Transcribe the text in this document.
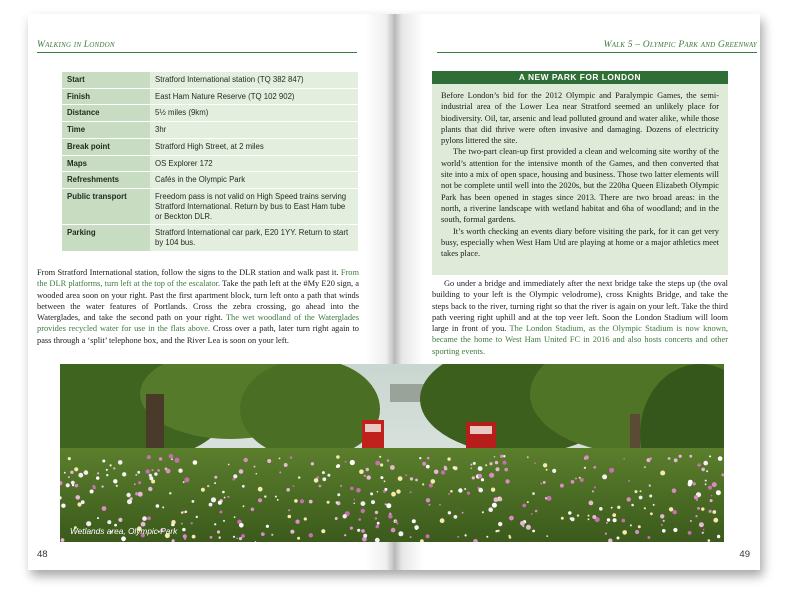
Walking in London	Walk 5 – Olympic Park and Greenway
Start	Stratford International station (TQ 382 847)
Finish	East Ham Nature Reserve (TQ 102 902)
Distance	5½ miles (9km)
Time	3hr
Break point	Stratford High Street, at 2 miles
Maps	OS Explorer 172
Refreshments	Cafés in the Olympic Park
Public transport	Freedom pass is not valid on High Speed trains serving Stratford International. Return by bus to East Ham tube or Beckton DLR.
Parking	Stratford International car park, E20 1YY. Return to start by 104 bus.
From Stratford International station, follow the signs to the DLR station and walk past it. From the DLR platforms, turn left at the top of the escalator. Take the path left at the #My E20 sign, a wooded area soon on your right. Past the first apartment block, turn left onto a path that winds between the water features of Portlands. Cross the zebra crossing, go ahead into the Waterglades, and take the second path on your right. The wet woodland of the Waterglades provides recycled water for use in the flats above. Cross over a path, later turn right again to pass through a ‘split’ telephone box, and the River Lea is soon on your left.
A NEW PARK FOR LONDON

Before London’s bid for the 2012 Olympic and Paralympic Games, the semi-industrial area of the Lower Lea near Stratford seemed an unlikely place for biodiversity. Oil, tar, arsenic and lead polluted ground and water alike, while those plants that did thrive were often invasive and damaging. Dozens of electricity pylons littered the site.

The two-part clean-up first provided a clean and welcoming site worthy of the world’s attention for the intensive month of the Games, and then converted that site into a mix of open space, housing and business. Those two latter elements will not be complete until well into the 2020s, but the 220ha Queen Elizabeth Olympic Park has been opened in stages since 2013. There are two broad areas: in the north, a riverine landscape with wetland habitat and 6ha of woodland; and in the south, formal gardens.

It’s worth checking an events diary before visiting the park, for it can get very busy, especially when West Ham Utd are playing at home or a major athletics meet takes place.

Go under a bridge and immediately after the next bridge take the steps up (the oval building to your left is the Olympic velodrome), cross Knights Bridge, and take the steps back to the river, turning right so that the river is again on your left. Take the third path veering right uphill and at the top veer left. Soon the London Stadium will loom large in front of you. The London Stadium, as the Olympic Stadium is now known, became the home to West Ham United FC in 2016 and also hosts concerts and other sporting events.
Wetlands area, Olympic Park
48	49
